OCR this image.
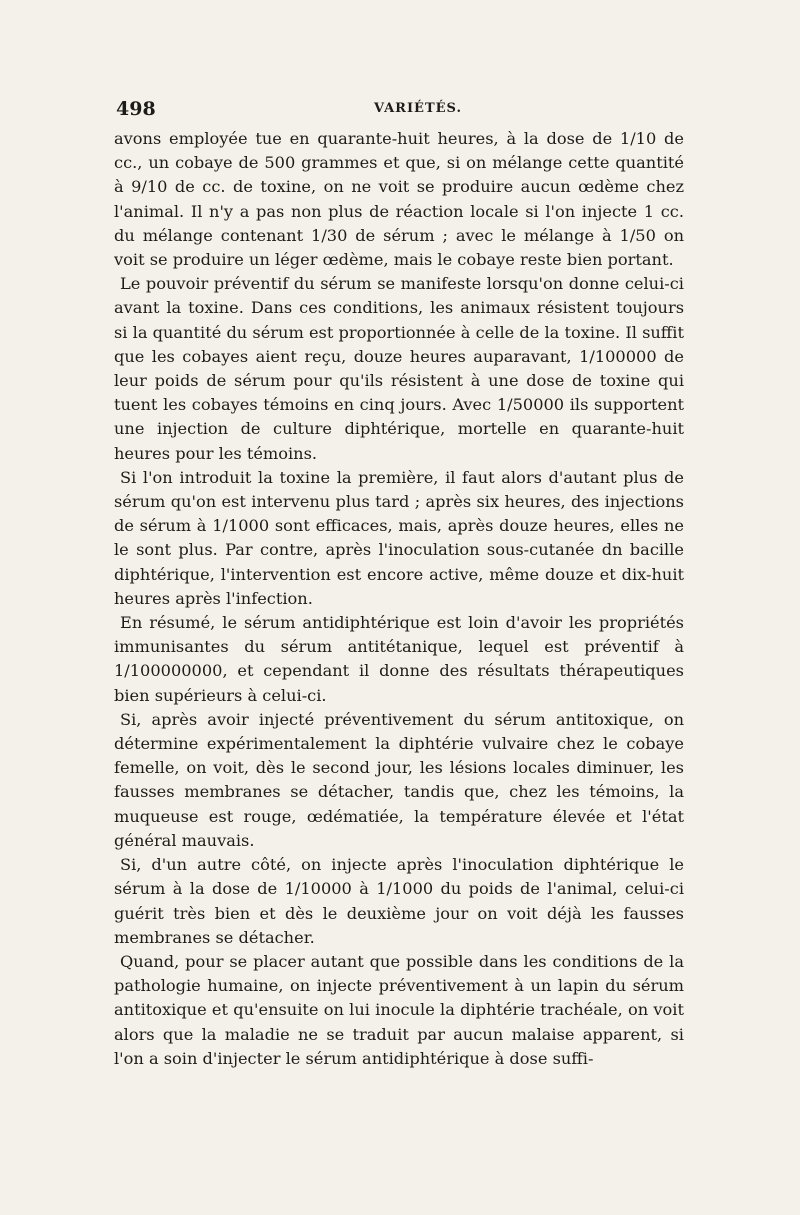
498	VARIÉTÉS.

avons employée tue en quarante-huit heures, à la dose de 1/10 de cc., un cobaye de 500 grammes et que, si on mélange cette quantité à 9/10 de cc. de toxine, on ne voit se produire aucun œdème chez l'animal. Il n'y a pas non plus de réaction locale si l'on injecte 1 cc. du mélange contenant 1/30 de sérum ; avec le mélange à 1/50 on voit se produire un léger œdème, mais le cobaye reste bien portant.

Le pouvoir préventif du sérum se manifeste lorsqu'on donne celui-ci avant la toxine. Dans ces conditions, les animaux résistent toujours si la quantité du sérum est proportionnée à celle de la toxine. Il suffit que les cobayes aient reçu, douze heures auparavant, 1/100000 de leur poids de sérum pour qu'ils résistent à une dose de toxine qui tuent les cobayes témoins en cinq jours. Avec 1/50000 ils supportent une injection de culture diphtérique, mortelle en quarante-huit heures pour les témoins.

Si l'on introduit la toxine la première, il faut alors d'autant plus de sérum qu'on est intervenu plus tard ; après six heures, des injections de sérum à 1/1000 sont efficaces, mais, après douze heures, elles ne le sont plus. Par contre, après l'inoculation sous-cutanée dn bacille diphtérique, l'intervention est encore active, même douze et dix-huit heures après l'infection.

En résumé, le sérum antidiphtérique est loin d'avoir les propriétés immunisantes du sérum antitétanique, lequel est préventif à 1/100000000, et cependant il donne des résultats thérapeutiques bien supérieurs à celui-ci.

Si, après avoir injecté préventivement du sérum antitoxique, on détermine expérimentalement la diphtérie vulvaire chez le cobaye femelle, on voit, dès le second jour, les lésions locales diminuer, les fausses membranes se détacher, tandis que, chez les témoins, la muqueuse est rouge, œdématiée, la température élevée et l'état général mauvais.

Si, d'un autre côté, on injecte après l'inoculation diphtérique le sérum à la dose de 1/10000 à 1/1000 du poids de l'animal, celui-ci guérit très bien et dès le deuxième jour on voit déjà les fausses membranes se détacher.

Quand, pour se placer autant que possible dans les conditions de la pathologie humaine, on injecte préventivement à un lapin du sérum antitoxique et qu'ensuite on lui inocule la diphtérie trachéale, on voit alors que la maladie ne se traduit par aucun malaise apparent, si l'on a soin d'injecter le sérum antidiphtérique à dose suffi-
